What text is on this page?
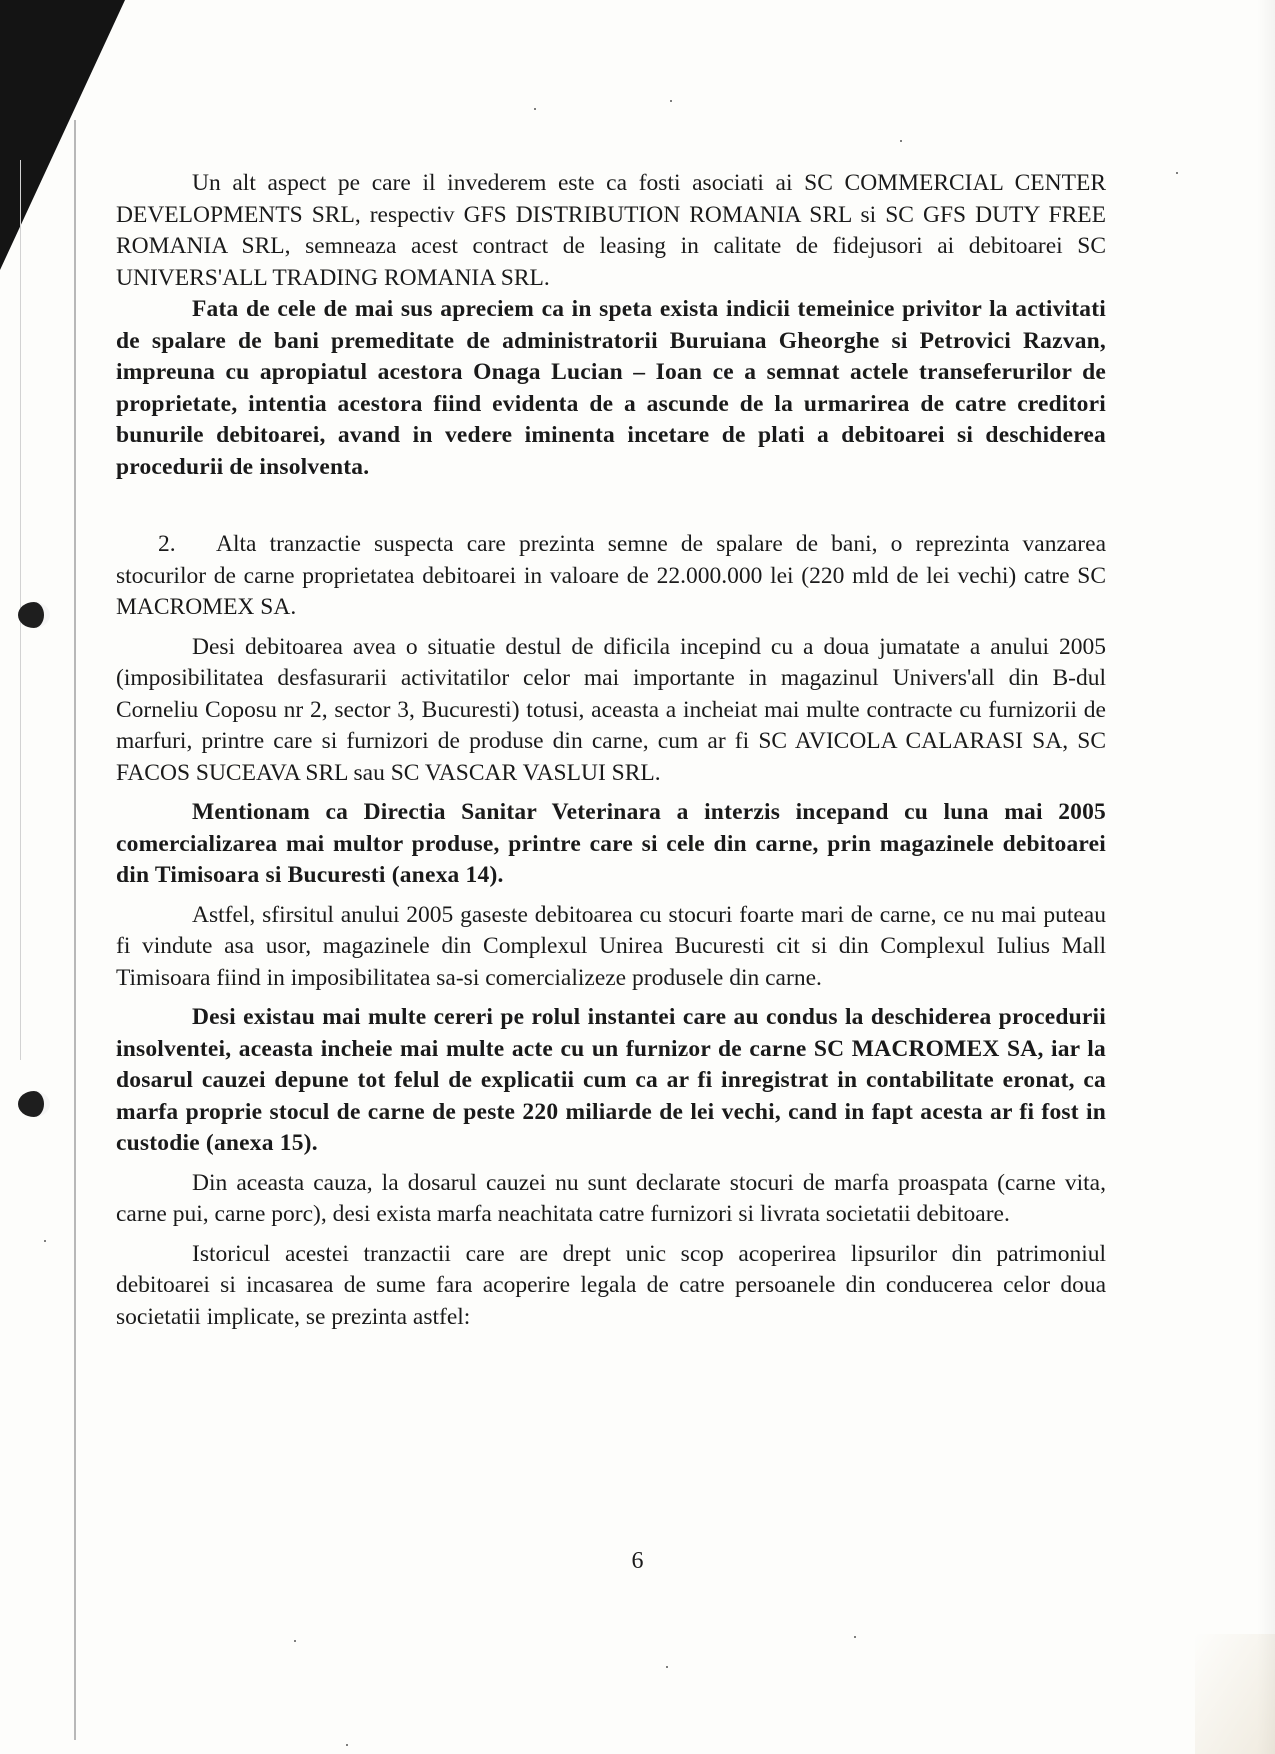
Un alt aspect pe care il invederem este ca fosti asociati ai SC COMMERCIAL CENTER DEVELOPMENTS SRL, respectiv GFS DISTRIBUTION ROMANIA SRL si SC GFS DUTY FREE ROMANIA SRL, semneaza acest contract de leasing in calitate de fidejusori ai debitoarei SC UNIVERS'ALL TRADING ROMANIA SRL.

Fata de cele de mai sus apreciem ca in speta exista indicii temeinice privitor la activitati de spalare de bani premeditate de administratorii Buruiana Gheorghe si Petrovici Razvan, impreuna cu apropiatul acestora Onaga Lucian – Ioan ce a semnat actele transeferurilor de proprietate, intentia acestora fiind evidenta de a ascunde de la urmarirea de catre creditori bunurile debitoarei, avand in vedere iminenta incetare de plati a debitoarei si deschiderea procedurii de insolventa.

2. Alta tranzactie suspecta care prezinta semne de spalare de bani, o reprezinta vanzarea stocurilor de carne proprietatea debitoarei in valoare de 22.000.000 lei (220 mld de lei vechi) catre SC MACROMEX SA.

Desi debitoarea avea o situatie destul de dificila incepind cu a doua jumatate a anului 2005 (imposibilitatea desfasurarii activitatilor celor mai importante in magazinul Univers'all din B-dul Corneliu Coposu nr 2, sector 3, Bucuresti) totusi, aceasta a incheiat mai multe contracte cu furnizorii de marfuri, printre care si furnizori de produse din carne, cum ar fi SC AVICOLA CALARASI SA, SC FACOS SUCEAVA SRL sau SC VASCAR VASLUI SRL.

Mentionam ca Directia Sanitar Veterinara a interzis incepand cu luna mai 2005 comercializarea mai multor produse, printre care si cele din carne, prin magazinele debitoarei din Timisoara si Bucuresti (anexa 14).

Astfel, sfirsitul anului 2005 gaseste debitoarea cu stocuri foarte mari de carne, ce nu mai puteau fi vindute asa usor, magazinele din Complexul Unirea Bucuresti cit si din Complexul Iulius Mall Timisoara fiind in imposibilitatea sa-si comercializeze produsele din carne.

Desi existau mai multe cereri pe rolul instantei care au condus la deschiderea procedurii insolventei, aceasta incheie mai multe acte cu un furnizor de carne SC MACROMEX SA, iar la dosarul cauzei depune tot felul de explicatii cum ca ar fi inregistrat in contabilitate eronat, ca marfa proprie stocul de carne de peste 220 miliarde de lei vechi, cand in fapt acesta ar fi fost in custodie (anexa 15).

Din aceasta cauza, la dosarul cauzei nu sunt declarate stocuri de marfa proaspata (carne vita, carne pui, carne porc), desi exista marfa neachitata catre furnizori si livrata societatii debitoare.

Istoricul acestei tranzactii care are drept unic scop acoperirea lipsurilor din patrimoniul debitoarei si incasarea de sume fara acoperire legala de catre persoanele din conducerea celor doua societatii implicate, se prezinta astfel:

6
